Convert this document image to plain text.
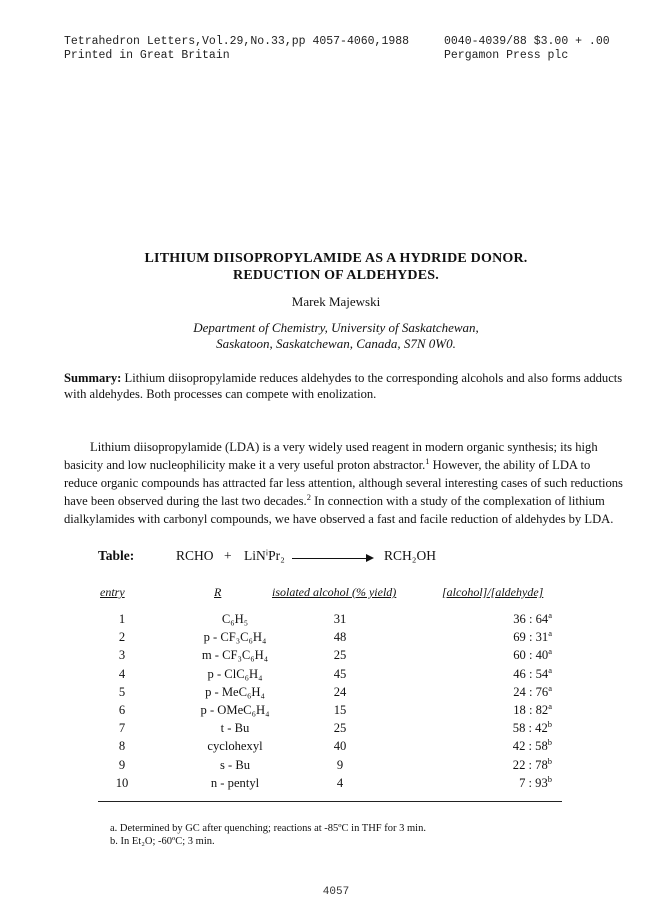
Tetrahedron Letters,Vol.29,No.33,pp 4057-4060,1988
Printed in Great Britain
0040-4039/88 $3.00 + .00
Pergamon Press plc
LITHIUM DIISOPROPYLAMIDE AS A HYDRIDE DONOR.
REDUCTION OF ALDEHYDES.
Marek Majewski
Department of Chemistry, University of Saskatchewan,
Saskatoon, Saskatchewan, Canada, S7N 0W0.
Summary: Lithium diisopropylamide reduces aldehydes to the corresponding alcohols and also forms adducts with aldehydes. Both processes can compete with enolization.
Lithium diisopropylamide (LDA) is a very widely used reagent in modern organic synthesis; its high basicity and low nucleophilicity make it a very useful proton abstractor.$^1$ However, the ability of LDA to reduce organic compounds has attracted far less attention, although several interesting cases of such reductions have been observed during the last two decades.$^2$ In connection with a study of the complexation of lithium dialkylamides with carbonyl compounds, we have observed a fast and facile reduction of aldehydes by LDA.
Table:	RCHO + LiNⁱPr₂	RCH₂OH
entry	R	isolated alcohol (% yield)	[alcohol]/[aldehyde]
1	C₆H₅	31	36 : 64$^a$
2	p - CF₃C₆H₄	48	69 : 31$^a$
3	m - CF₃C₆H₄	25	60 : 40$^a$
4	p - ClC₆H₄	45	46 : 54$^a$
5	p - MeC₆H₄	24	24 : 76$^a$
6	p - OMeC₆H₄	15	18 : 82$^a$
7	t - Bu	25	58 : 42$^b$
8	cyclohexyl	40	42 : 58$^b$
9	s - Bu	9	22 : 78$^b$
10	n - pentyl	4	7 : 93$^b$
a. Determined by GC after quenching; reactions at -85ºC in THF for 3 min.
b. In Et₂O; -60ºC; 3 min.
4057
